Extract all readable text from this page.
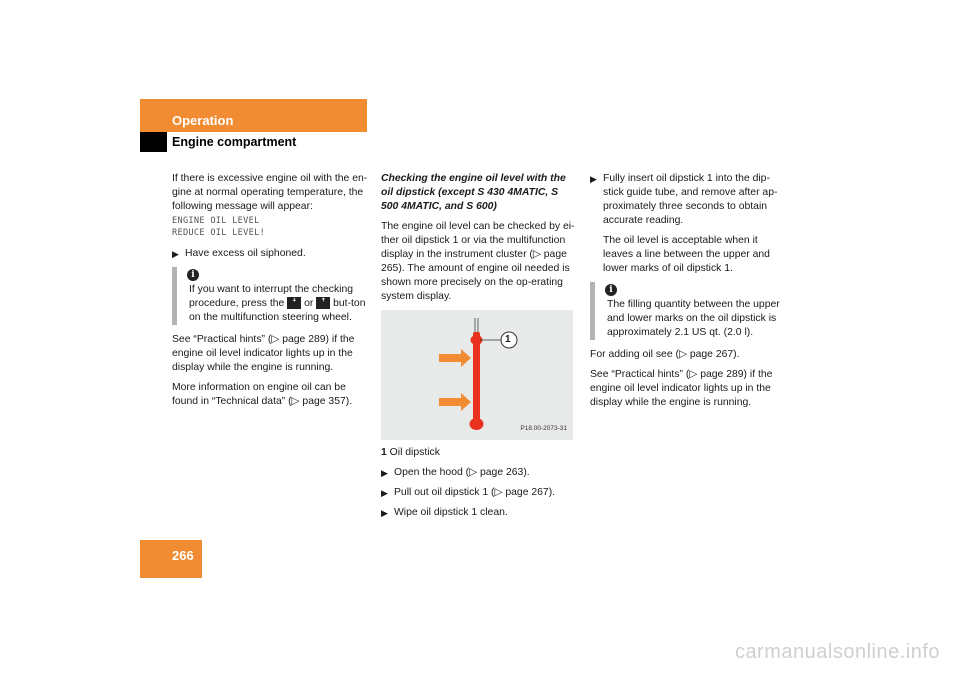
Operation
Engine compartment

If there is excessive engine oil with the en-gine at normal operating temperature, the following message will appear:

ENGINE OIL LEVEL
REDUCE OIL LEVEL!
▶ Have excess oil siphoned.
i
If you want to interrupt the checking procedure, press the ꜜ or ꜛ but-ton on the multifunction steering wheel.

See “Practical hints” (▷ page 289) if the engine oil level indicator lights up in the display while the engine is running.

More information on engine oil can be found in “Technical data” (▷ page 357).

Checking the engine oil level with the oil dipstick (except S 430 4MATIC, S 500 4MATIC, and S 600)

The engine oil level can be checked by ei-ther oil dipstick 1 or via the multifunction display in the instrument cluster (▷ page 265). The amount of engine oil needed is shown more precisely on the op-erating system display.

1
P18.00-2073-31

1 Oil dipstick

▶ Open the hood (▷ page 263).
▶ Pull out oil dipstick 1 (▷ page 267).
▶ Wipe oil dipstick 1 clean.
▶ Fully insert oil dipstick 1 into the dip-stick guide tube, and remove after ap-proximately three seconds to obtain accurate reading.

The oil level is acceptable when it leaves a line between the upper and lower marks of oil dipstick 1.

i
The filling quantity between the upper and lower marks on the oil dipstick is approximately 2.1 US qt. (2.0 l).

For adding oil see (▷ page 267).

See “Practical hints” (▷ page 289) if the engine oil level indicator lights up in the display while the engine is running.

266
carmanualsonline.info
